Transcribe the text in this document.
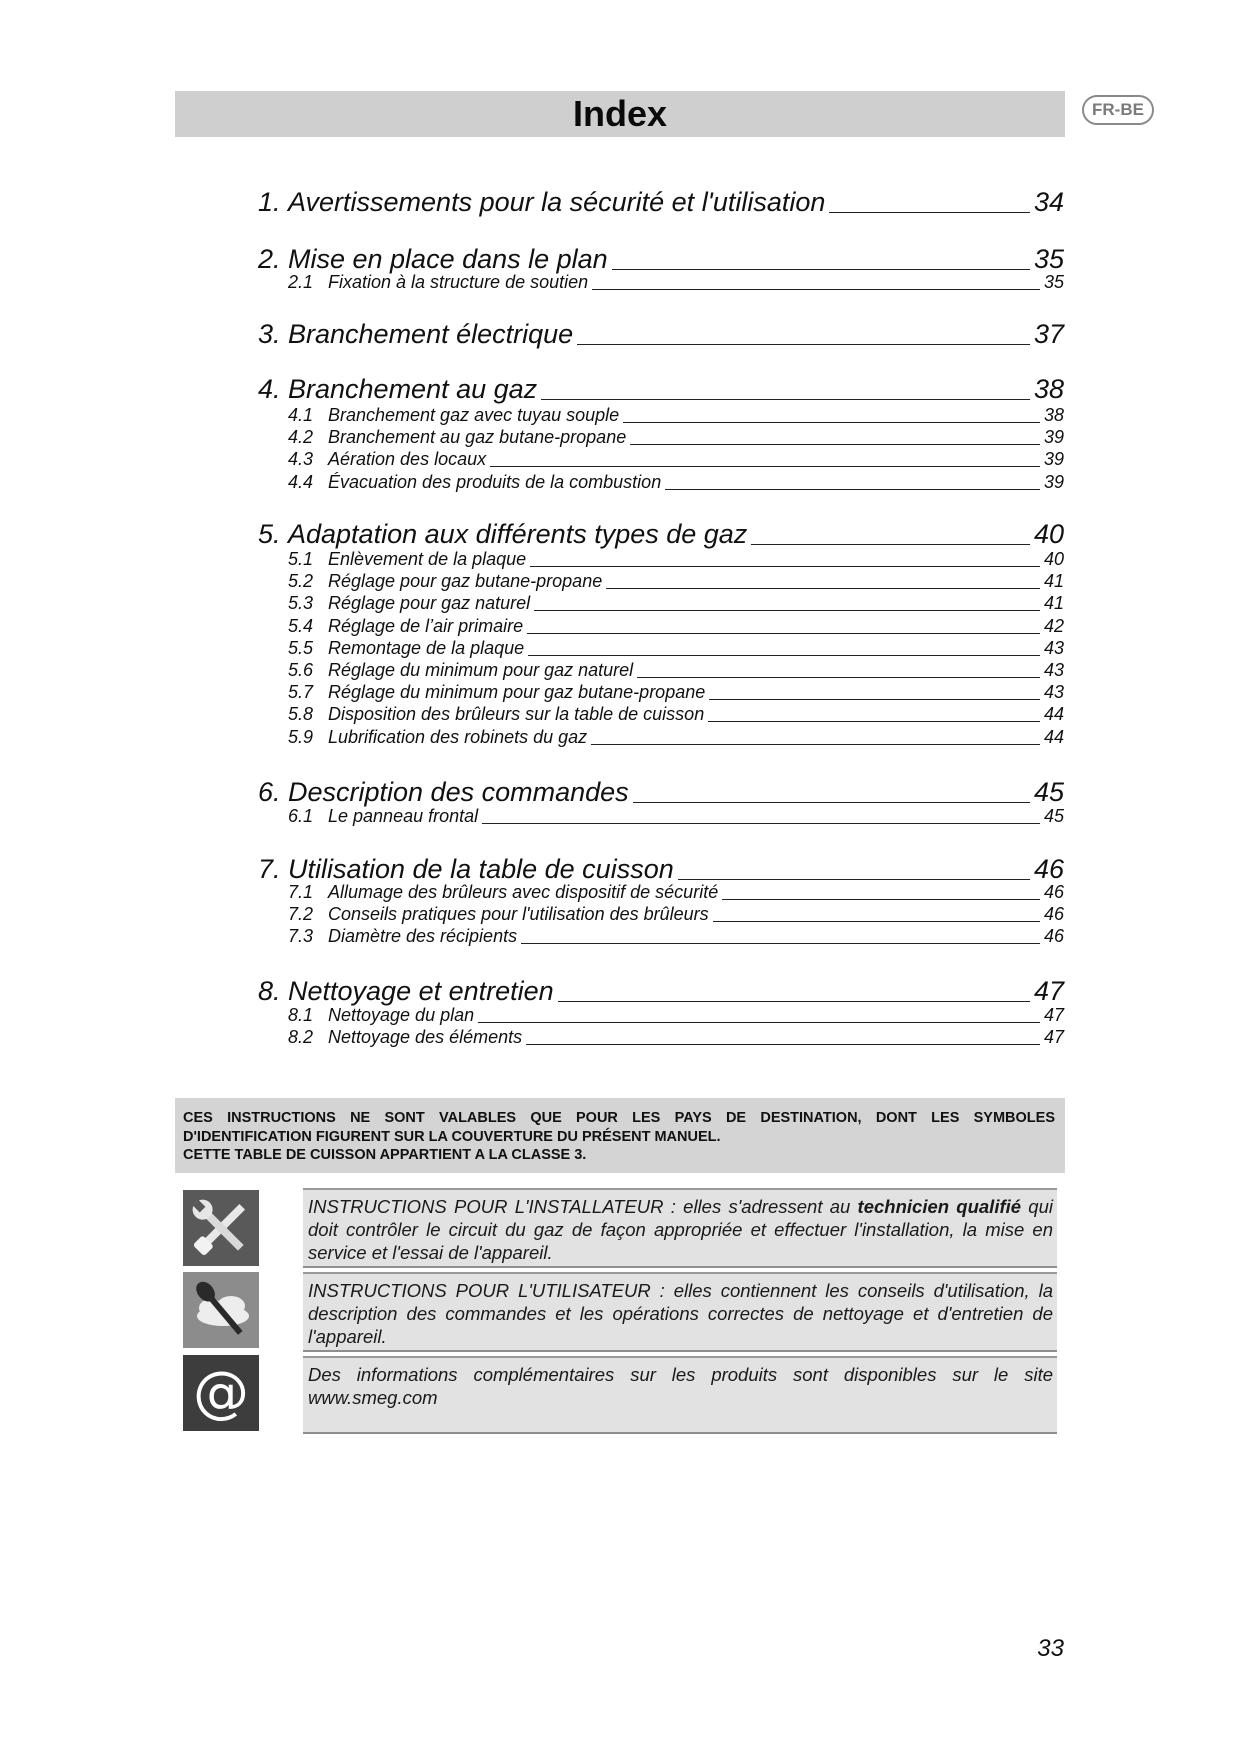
Index	FR-BE
1. Avertissements pour la sécurité et l'utilisation	34
2. Mise en place dans le plan	35
2.1 Fixation à la structure de soutien	35
3. Branchement électrique	37
4. Branchement au gaz	38
4.1 Branchement gaz avec tuyau souple	38
4.2 Branchement au gaz butane-propane	39
4.3 Aération des locaux	39
4.4 Évacuation des produits de la combustion	39
5. Adaptation aux différents types de gaz	40
5.1 Enlèvement de la plaque	40
5.2 Réglage pour gaz butane-propane	41
5.3 Réglage pour gaz naturel	41
5.4 Réglage de l’air primaire	42
5.5 Remontage de la plaque	43
5.6 Réglage du minimum pour gaz naturel	43
5.7 Réglage du minimum pour gaz butane-propane	43
5.8 Disposition des brûleurs sur la table de cuisson	44
5.9 Lubrification des robinets du gaz	44
6. Description des commandes	45
6.1 Le panneau frontal	45
7. Utilisation de la table de cuisson	46
7.1 Allumage des brûleurs avec dispositif de sécurité	46
7.2 Conseils pratiques pour l'utilisation des brûleurs	46
7.3 Diamètre des récipients	46
8. Nettoyage et entretien	47
8.1 Nettoyage du plan	47
8.2 Nettoyage des éléments	47
CES INSTRUCTIONS NE SONT VALABLES QUE POUR LES PAYS DE DESTINATION, DONT LES SYMBOLES
D'IDENTIFICATION FIGURENT SUR LA COUVERTURE DU PRÉSENT MANUEL.
CETTE TABLE DE CUISSON APPARTIENT A LA CLASSE 3.
INSTRUCTIONS POUR L'INSTALLATEUR : elles s'adressent au technicien qualifié qui doit contrôler le circuit du gaz de façon appropriée et effectuer l'installation, la mise en service et l'essai de l'appareil.
INSTRUCTIONS POUR L'UTILISATEUR : elles contiennent les conseils d'utilisation, la description des commandes et les opérations correctes de nettoyage et d'entretien de l'appareil.
@	Des informations complémentaires sur les produits sont disponibles sur le site www.smeg.com
33
